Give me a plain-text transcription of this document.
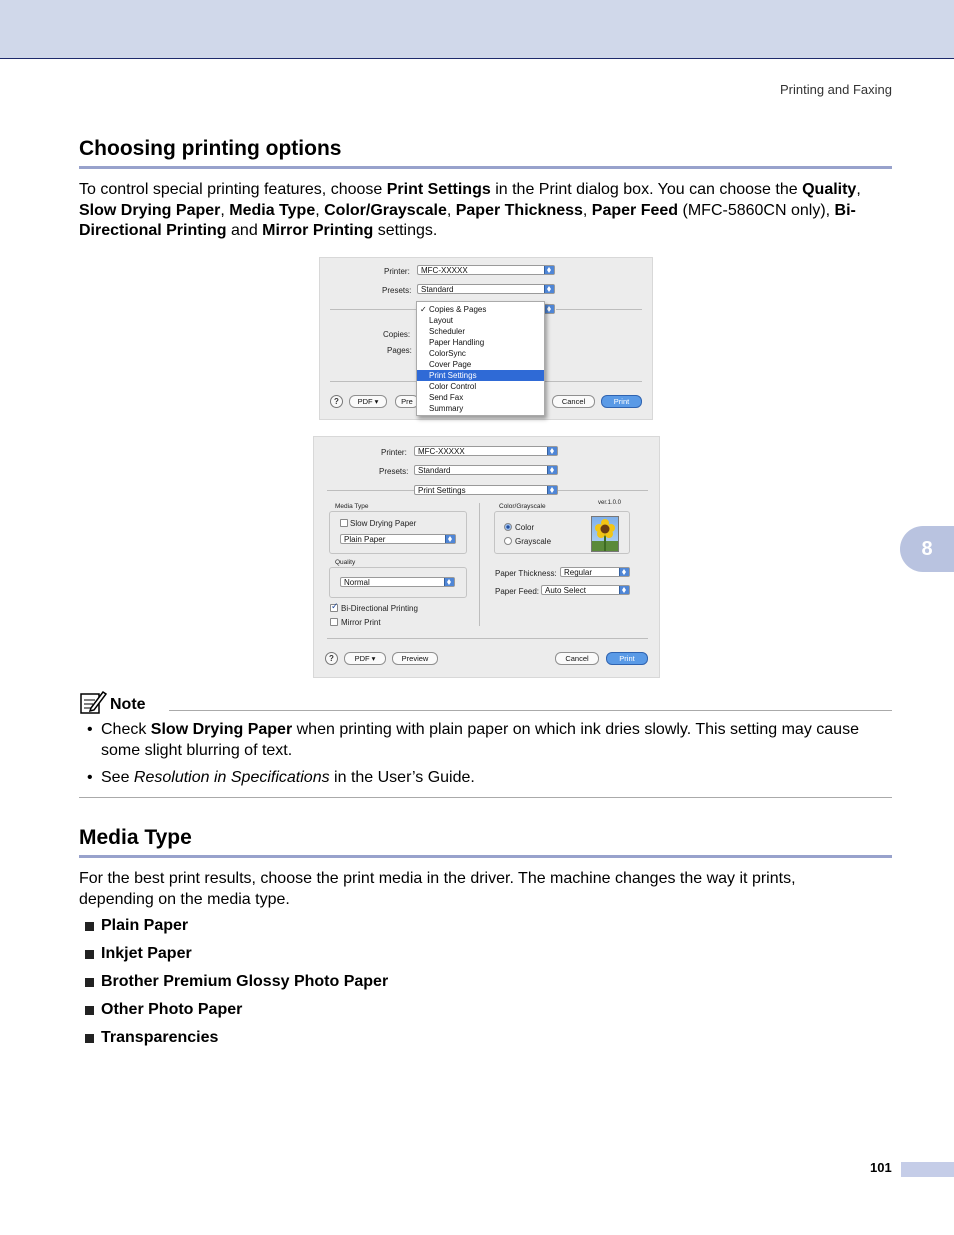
Printing and Faxing
8
Choosing printing options

To control special printing features, choose Print Settings in the Print dialog box. You can choose the Quality, Slow Drying Paper, Media Type, Color/Grayscale, Paper Thickness, Paper Feed (MFC-5860CN only), Bi-Directional Printing and Mirror Printing settings.

Printer:	MFC-XXXXX
Presets:	Standard
Copies:
Pages:
?	PDF ▾	Pre	Cancel	Print
✓ Copies & Pages
Layout
Scheduler
Paper Handling
ColorSync
Cover Page
Print Settings
Color Control
Send Fax
Summary
Printer:	MFC-XXXXX
Presets:	Standard
Print Settings
Media Type
Slow Drying Paper
Plain Paper
Quality
Normal
✓
Bi-Directional Printing
Mirror Print
Color/Grayscale	ver.1.0.0
Color
Grayscale
Paper Thickness: Regular
Paper Feed: Auto Select
?	PDF ▾	Preview	Cancel	Print
Note
• Check Slow Drying Paper when printing with plain paper on which ink dries slowly. This setting may cause some slight blurring of text.
• See Resolution in Specifications in the User’s Guide.
Media Type

For the best print results, choose the print media in the driver. The machine changes the way it prints, depending on the media type.

Plain Paper
Inkjet Paper
Brother Premium Glossy Photo Paper
Other Photo Paper
Transparencies
101
